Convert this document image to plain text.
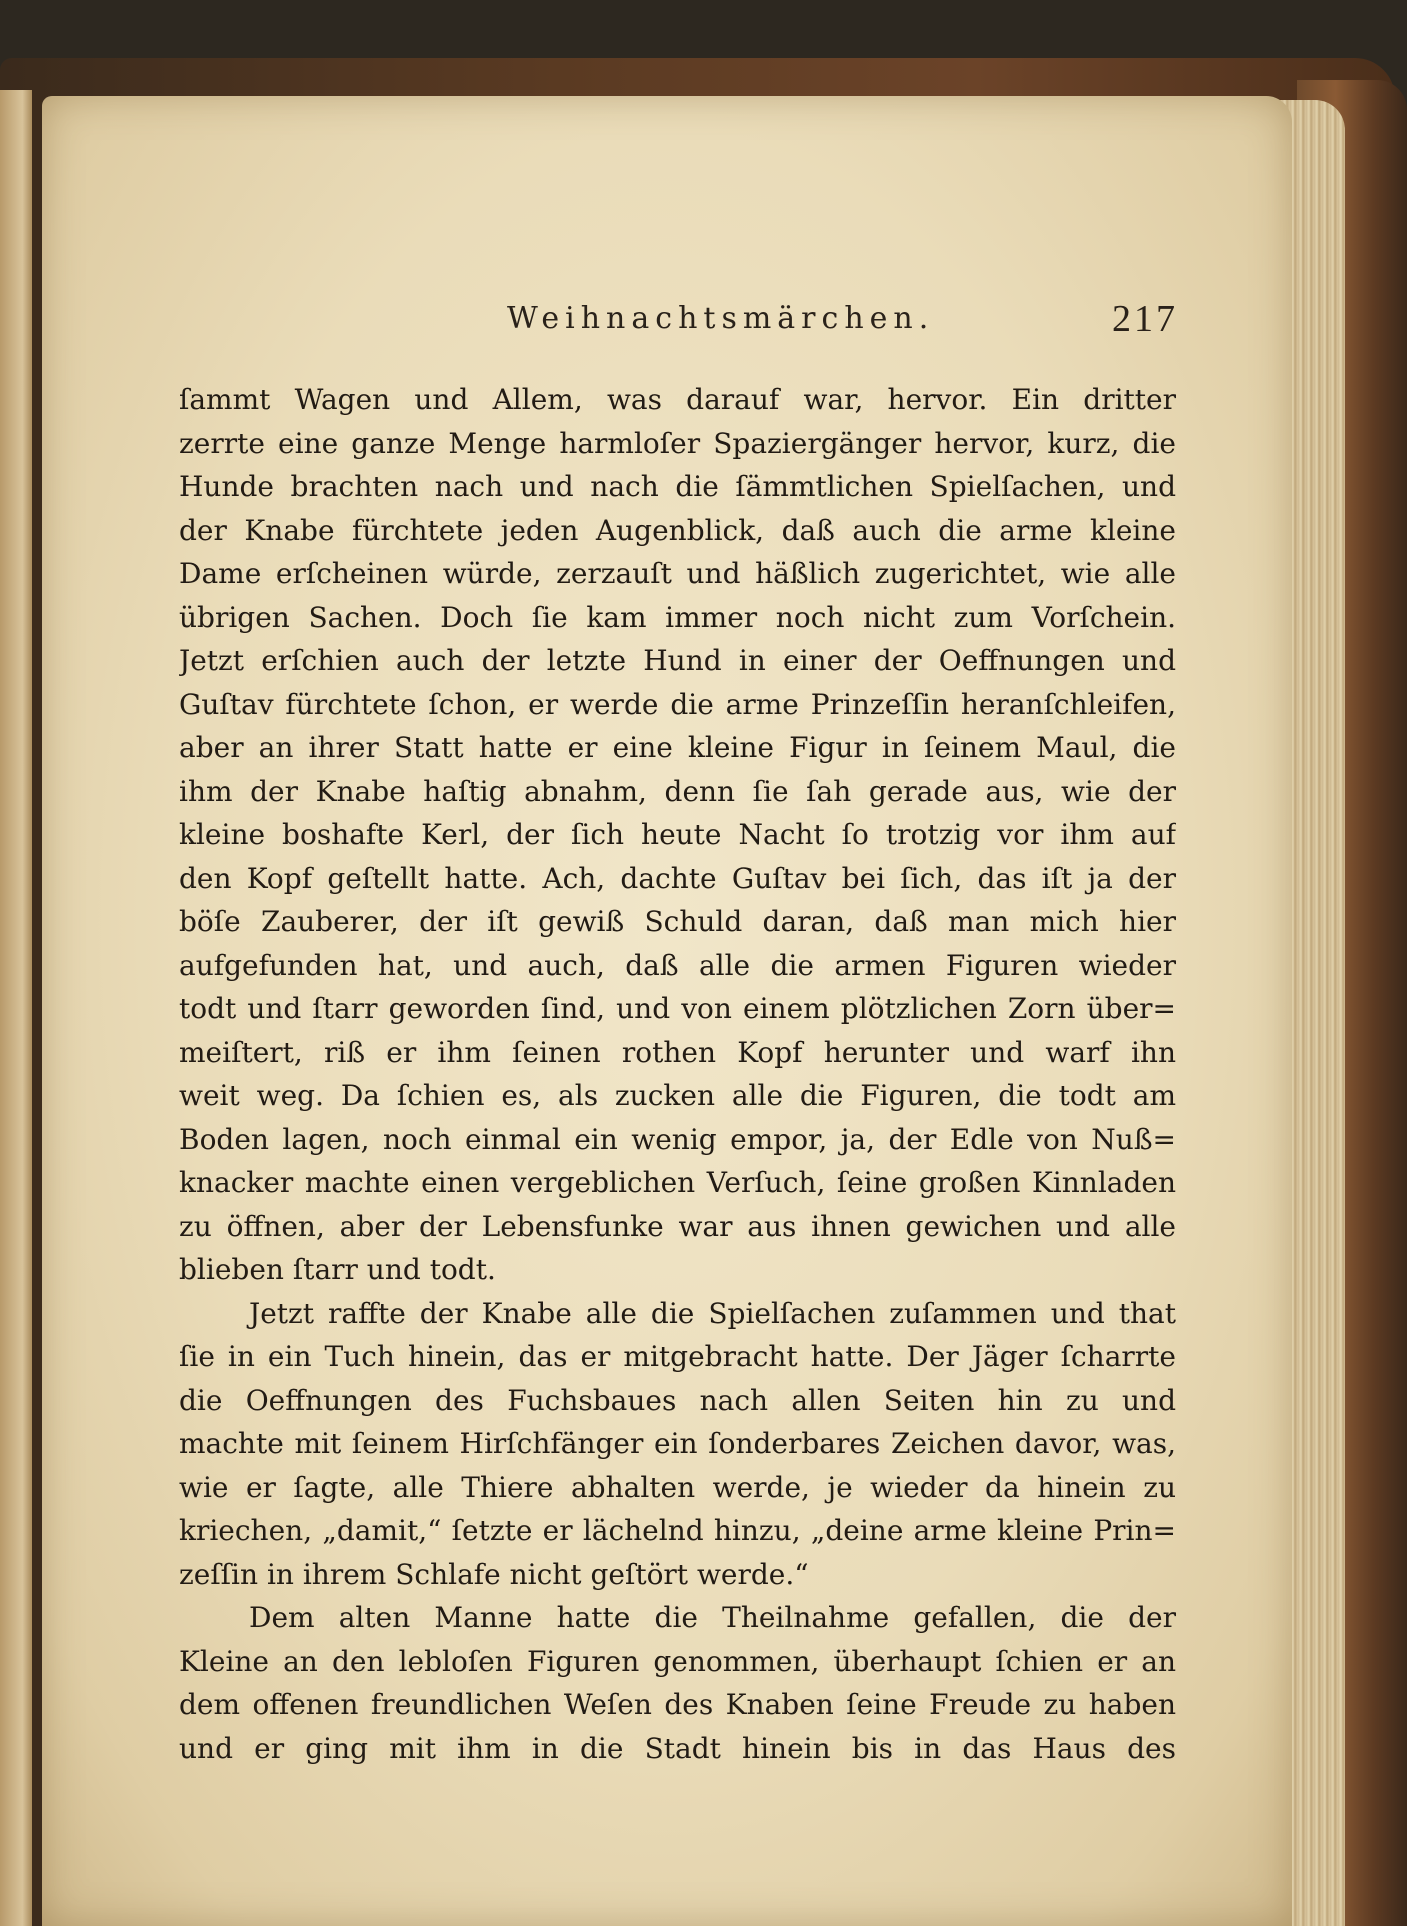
Weihnachtsmärchen.	217
ſammt Wagen und Allem, was darauf war, hervor. Ein dritter
zerrte eine ganze Menge harmloſer Spaziergänger hervor, kurz, die
Hunde brachten nach und nach die ſämmtlichen Spielſachen, und
der Knabe fürchtete jeden Augenblick, daß auch die arme kleine
Dame erſcheinen würde, zerzauſt und häßlich zugerichtet, wie alle
übrigen Sachen. Doch ſie kam immer noch nicht zum Vorſchein.
Jetzt erſchien auch der letzte Hund in einer der Oeffnungen und
Guſtav fürchtete ſchon, er werde die arme Prinzeſſin heranſchleifen,
aber an ihrer Statt hatte er eine kleine Figur in ſeinem Maul, die
ihm der Knabe haſtig abnahm, denn ſie ſah gerade aus, wie der
kleine boshafte Kerl, der ſich heute Nacht ſo trotzig vor ihm auf
den Kopf geſtellt hatte. Ach, dachte Guſtav bei ſich, das iſt ja der
böſe Zauberer, der iſt gewiß Schuld daran, daß man mich hier
aufgefunden hat, und auch, daß alle die armen Figuren wieder
todt und ſtarr geworden ſind, und von einem plötzlichen Zorn über=
meiſtert, riß er ihm ſeinen rothen Kopf herunter und warf ihn
weit weg. Da ſchien es, als zucken alle die Figuren, die todt am
Boden lagen, noch einmal ein wenig empor, ja, der Edle von Nuß=
knacker machte einen vergeblichen Verſuch, ſeine großen Kinnladen
zu öffnen, aber der Lebensfunke war aus ihnen gewichen und alle
blieben ſtarr und todt.
Jetzt raffte der Knabe alle die Spielſachen zuſammen und that
ſie in ein Tuch hinein, das er mitgebracht hatte. Der Jäger ſcharrte
die Oeffnungen des Fuchsbaues nach allen Seiten hin zu und
machte mit ſeinem Hirſchfänger ein ſonderbares Zeichen davor, was,
wie er ſagte, alle Thiere abhalten werde, je wieder da hinein zu
kriechen, „damit,“ ſetzte er lächelnd hinzu, „deine arme kleine Prin=
zeſſin in ihrem Schlafe nicht geſtört werde.“
Dem alten Manne hatte die Theilnahme gefallen, die der
Kleine an den lebloſen Figuren genommen, überhaupt ſchien er an
dem offenen freundlichen Weſen des Knaben ſeine Freude zu haben
und er ging mit ihm in die Stadt hinein bis in das Haus des
